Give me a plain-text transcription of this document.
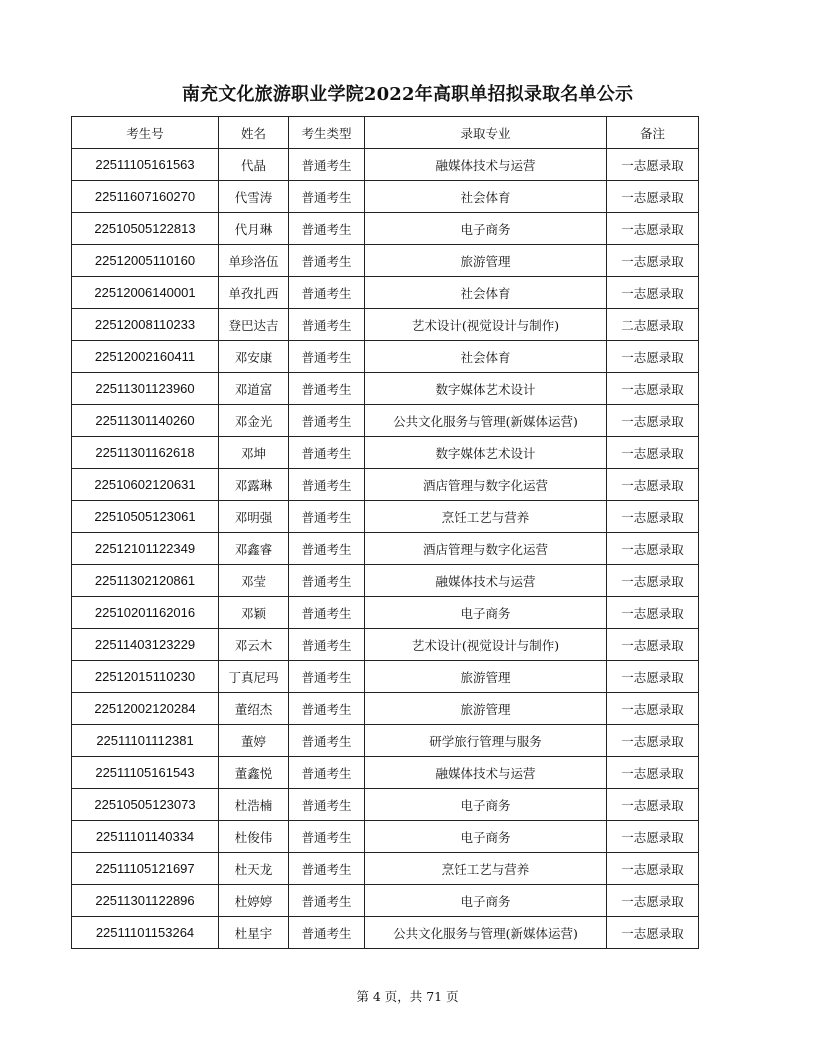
南充文化旅游职业学院2022年高职单招拟录取名单公示
考生号	姓名	考生类型	录取专业	备注
22511105161563	代晶	普通考生	融媒体技术与运营	一志愿录取
22511607160270	代雪涛	普通考生	社会体育	一志愿录取
22510505122813	代月琳	普通考生	电子商务	一志愿录取
22512005110160	单珍洛伍	普通考生	旅游管理	一志愿录取
22512006140001	单孜扎西	普通考生	社会体育	一志愿录取
22512008110233	登巴达吉	普通考生	艺术设计(视觉设计与制作)	二志愿录取
22512002160411	邓安康	普通考生	社会体育	一志愿录取
22511301123960	邓道富	普通考生	数字媒体艺术设计	一志愿录取
22511301140260	邓金光	普通考生	公共文化服务与管理(新媒体运营)	一志愿录取
22511301162618	邓坤	普通考生	数字媒体艺术设计	一志愿录取
22510602120631	邓露琳	普通考生	酒店管理与数字化运营	一志愿录取
22510505123061	邓明强	普通考生	烹饪工艺与营养	一志愿录取
22512101122349	邓鑫睿	普通考生	酒店管理与数字化运营	一志愿录取
22511302120861	邓莹	普通考生	融媒体技术与运营	一志愿录取
22510201162016	邓颖	普通考生	电子商务	一志愿录取
22511403123229	邓云木	普通考生	艺术设计(视觉设计与制作)	一志愿录取
22512015110230	丁真尼玛	普通考生	旅游管理	一志愿录取
22512002120284	董绍杰	普通考生	旅游管理	一志愿录取
22511101112381	董婷	普通考生	研学旅行管理与服务	一志愿录取
22511105161543	董鑫悦	普通考生	融媒体技术与运营	一志愿录取
22510505123073	杜浩楠	普通考生	电子商务	一志愿录取
22511101140334	杜俊伟	普通考生	电子商务	一志愿录取
22511105121697	杜天龙	普通考生	烹饪工艺与营养	一志愿录取
22511301122896	杜婷婷	普通考生	电子商务	一志愿录取
22511101153264	杜星宇	普通考生	公共文化服务与管理(新媒体运营)	一志愿录取
第 4 页，共 71 页
